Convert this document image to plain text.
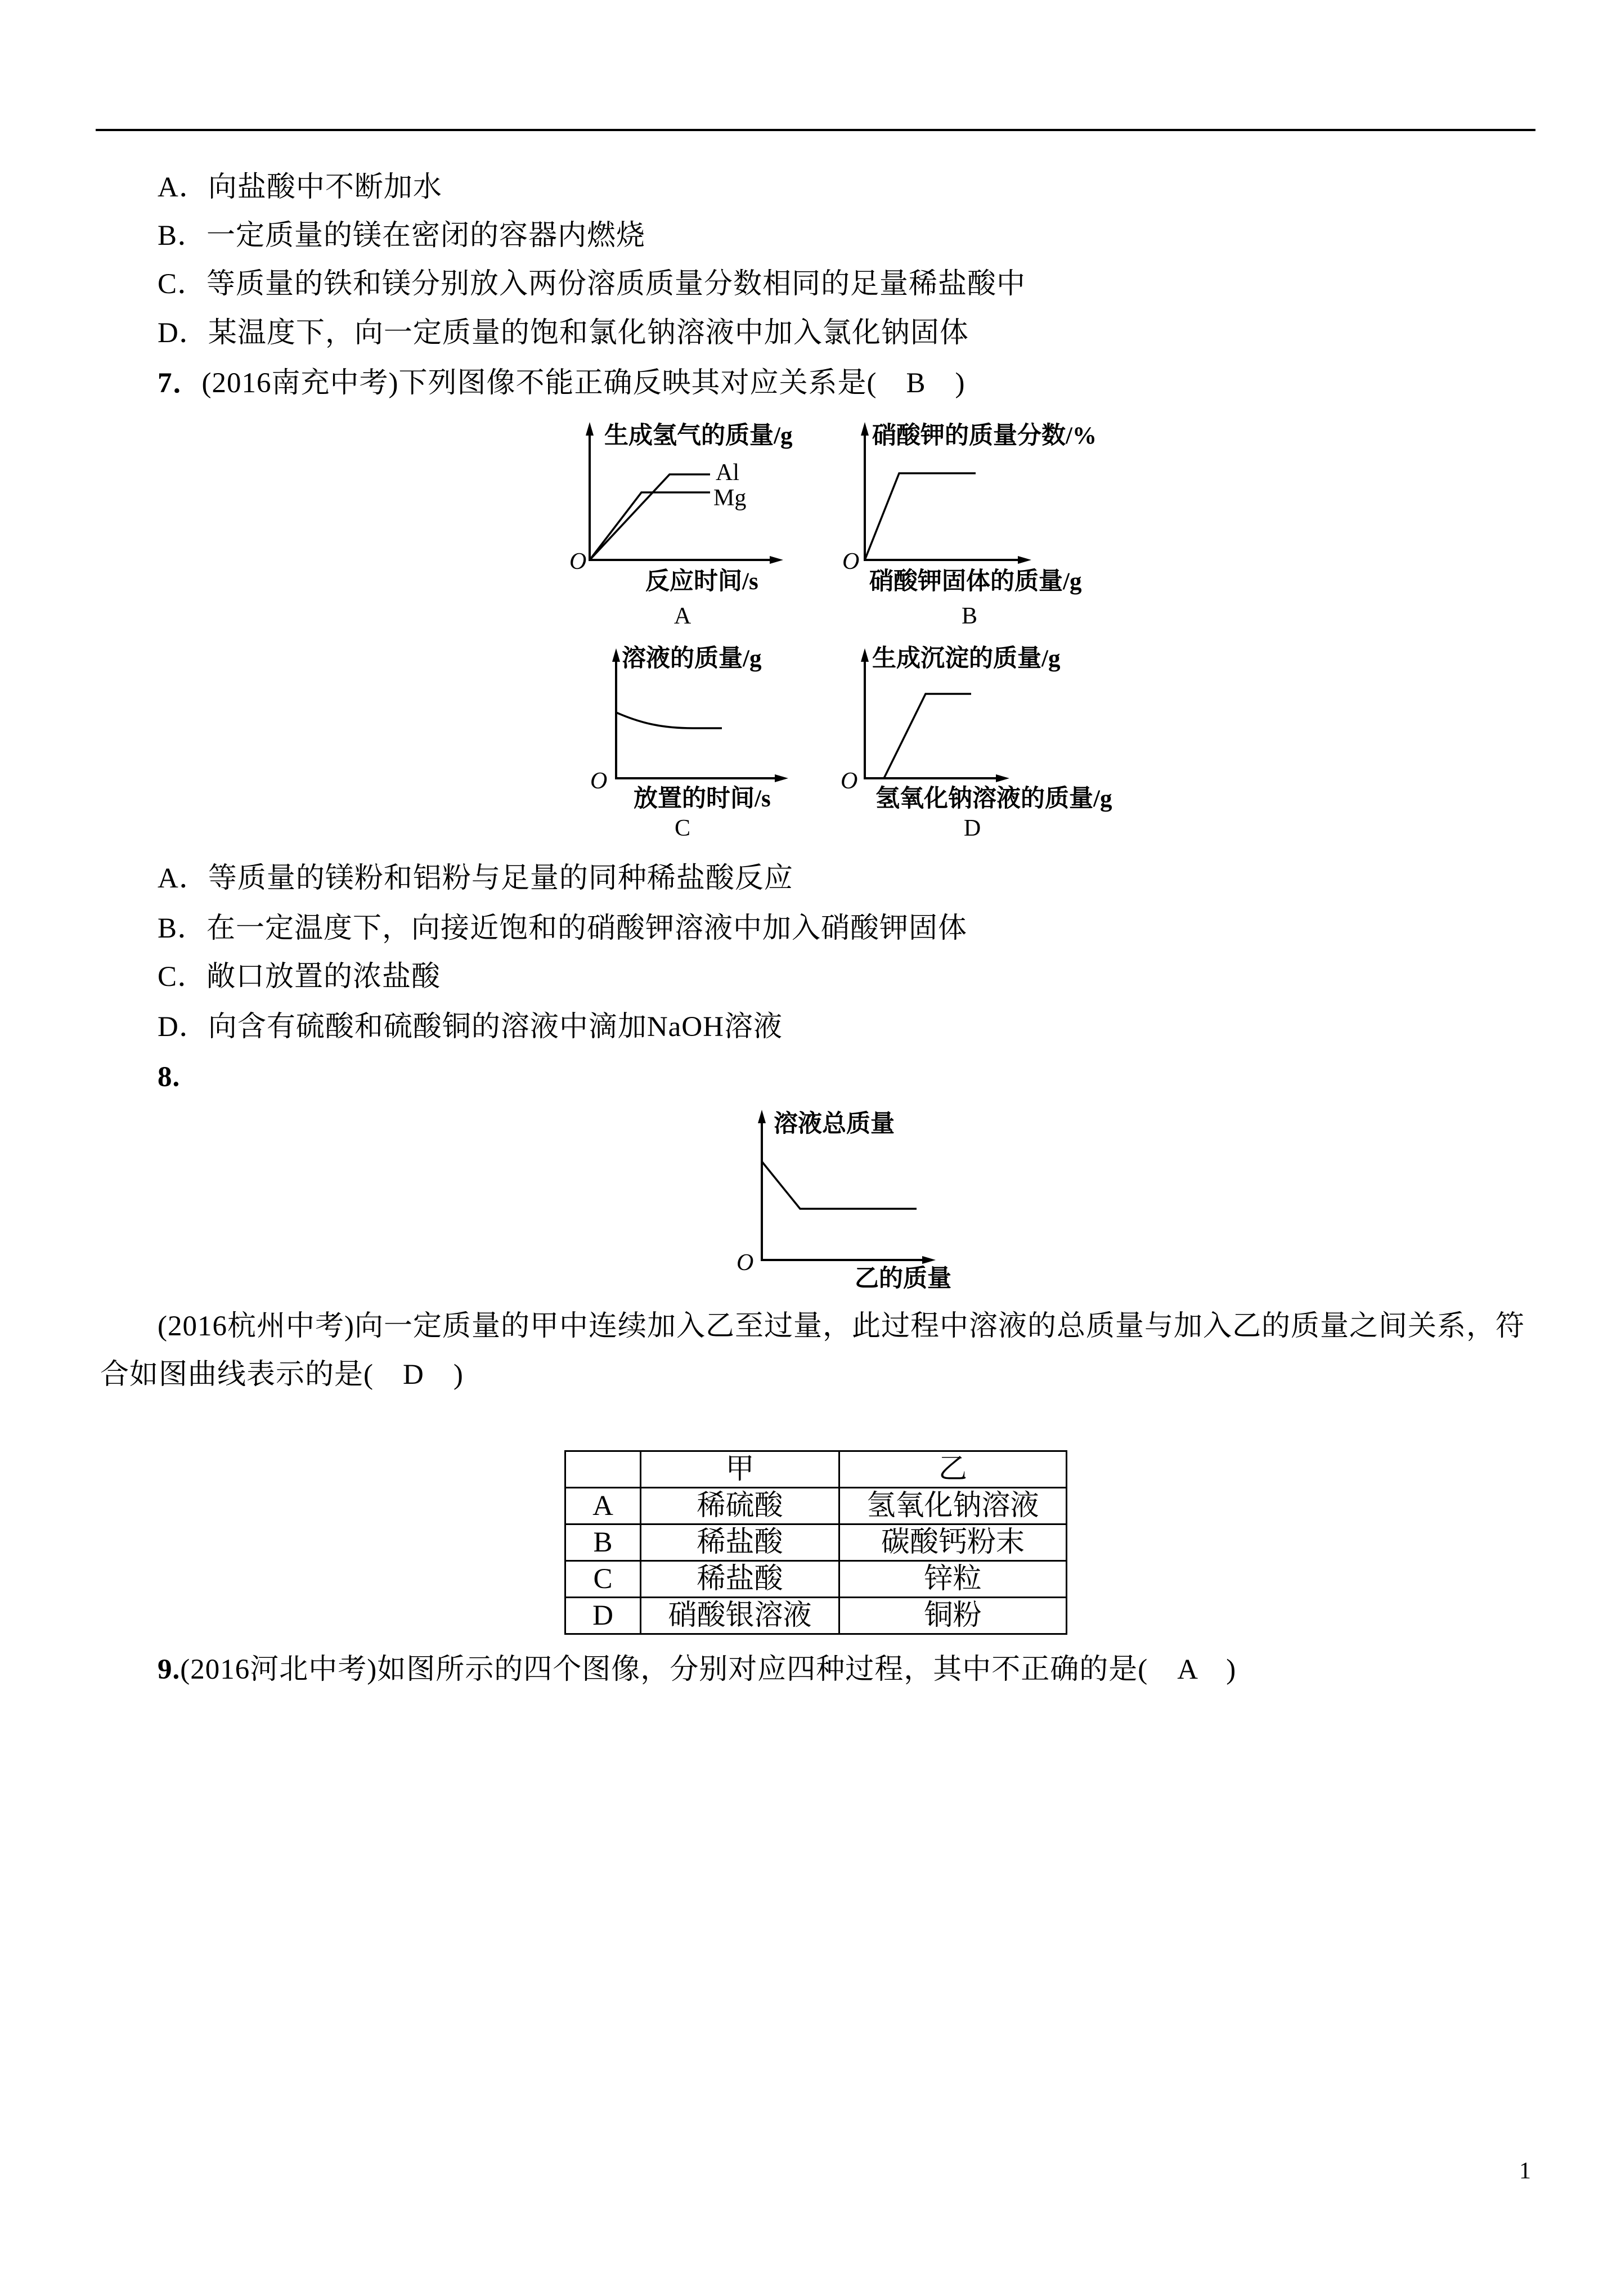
A．向盐酸中不断加水
B．一定质量的镁在密闭的容器内燃烧
C．等质量的铁和镁分别放入两份溶质质量分数相同的足量稀盐酸中
D．某温度下，向一定质量的饱和氯化钠溶液中加入氯化钠固体
7．(2016南充中考)下列图像不能正确反映其对应关系是(　B　)
O
生成氢气的质量/g
反应时间/s
Al
Mg
A
O
硝酸钾的质量分数/%
硝酸钾固体的质量/g
B
O
溶液的质量/g
放置的时间/s
C
O
生成沉淀的质量/g
氢氧化钠溶液的质量/g
D
A．等质量的镁粉和铝粉与足量的同种稀盐酸反应
B．在一定温度下，向接近饱和的硝酸钾溶液中加入硝酸钾固体
C．敞口放置的浓盐酸
D．向含有硫酸和硫酸铜的溶液中滴加NaOH溶液
8.
O
溶液总质量
乙的质量
(2016杭州中考)向一定质量的甲中连续加入乙至过量，此过程中溶液的总质量与加入乙的质量之间关系，符
合如图曲线表示的是(　D　)
	甲	乙
A	稀硫酸	氢氧化钠溶液
B	稀盐酸	碳酸钙粉末
C	稀盐酸	锌粒
D	硝酸银溶液	铜粉
9.(2016河北中考)如图所示的四个图像，分别对应四种过程，其中不正确的是(　A　)
1
